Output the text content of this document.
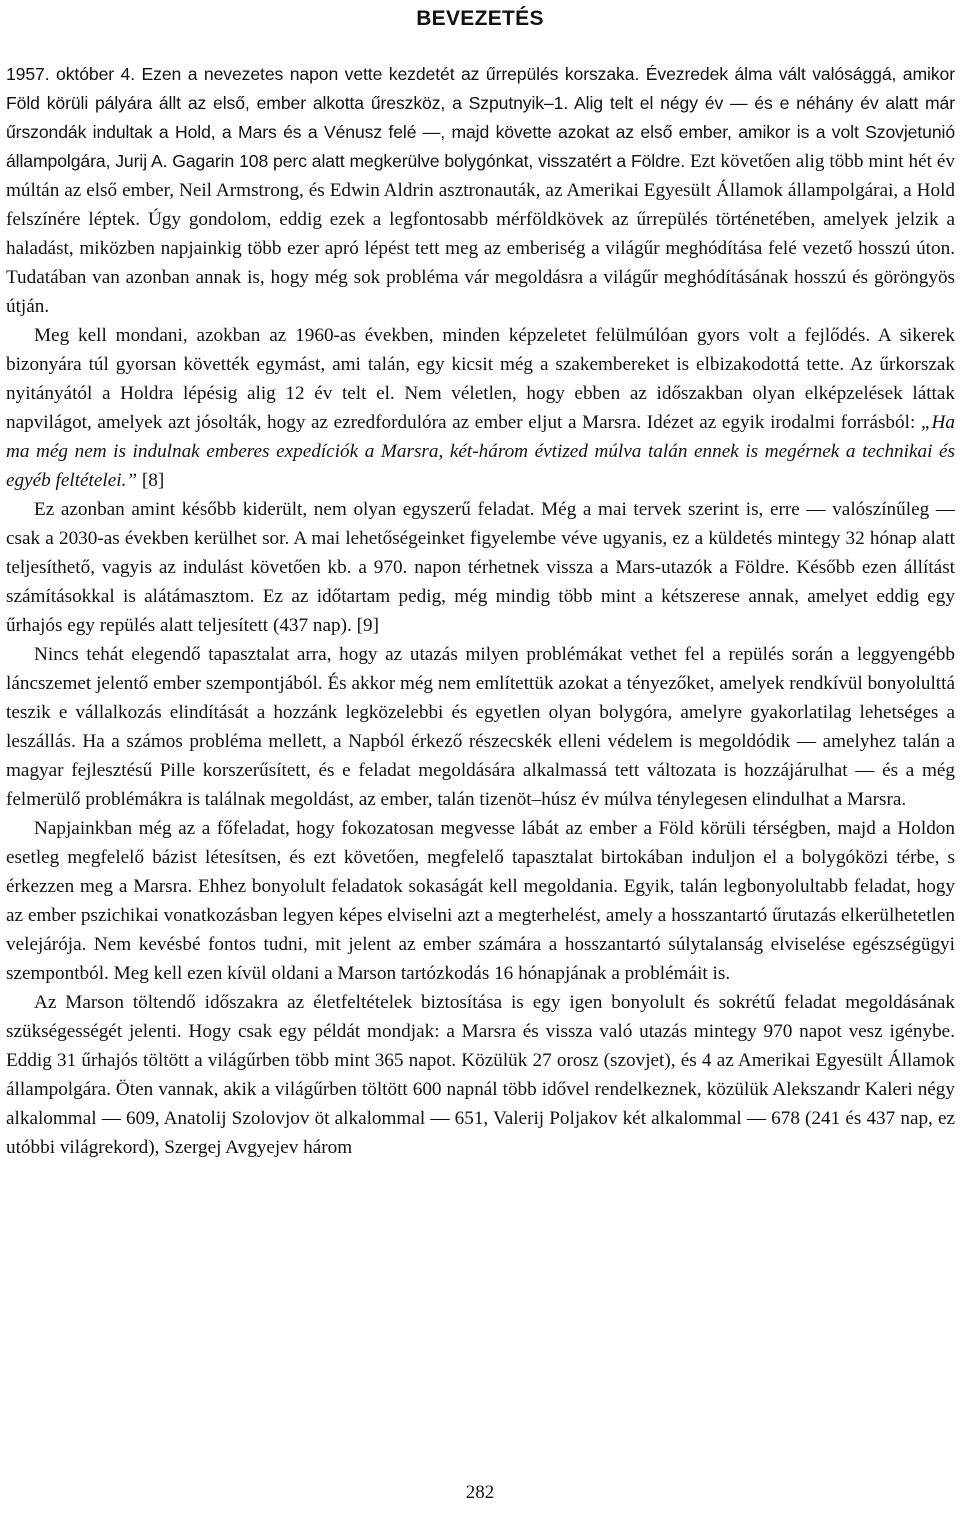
BEVEZETÉS

1957. október 4. Ezen a nevezetes napon vette kezdetét az űrrepülés korszaka. Évezredek álma vált valósággá, amikor Föld körüli pályára állt az első, ember alkotta űreszköz, a Szputnyik–1. Alig telt el négy év — és e néhány év alatt már űrszondák indultak a Hold, a Mars és a Vénusz felé —, majd követte azokat az első ember, amikor is a volt Szovjetunió állampolgára, Jurij A. Gagarin 108 perc alatt megkerülve bolygónkat, visszatért a Földre. Ezt követően alig több mint hét év múltán az első ember, Neil Armstrong, és Edwin Aldrin asztronauták, az Amerikai Egyesült Államok állampolgárai, a Hold felszínére léptek. Úgy gondolom, eddig ezek a legfontosabb mérföldkövek az űrrepülés történetében, amelyek jelzik a haladást, miközben napjainkig több ezer apró lépést tett meg az emberiség a világűr meghódítása felé vezető hosszú úton. Tudatában van azonban annak is, hogy még sok probléma vár megoldásra a világűr meghódításának hosszú és göröngyös útján.

Meg kell mondani, azokban az 1960-as években, minden képzeletet felülmúlóan gyors volt a fejlődés. A sikerek bizonyára túl gyorsan követték egymást, ami talán, egy kicsit még a szakembereket is elbizakodottá tette. Az űrkorszak nyitányától a Holdra lépésig alig 12 év telt el. Nem véletlen, hogy ebben az időszakban olyan elképzelések láttak napvilágot, amelyek azt jósolták, hogy az ezredfordulóra az ember eljut a Marsra. Idézet az egyik irodalmi forrásból: „Ha ma még nem is indulnak emberes expedíciók a Marsra, két-három évtized múlva talán ennek is megérnek a technikai és egyéb feltételei.” [8]

Ez azonban amint később kiderült, nem olyan egyszerű feladat. Még a mai tervek szerint is, erre — valószínűleg — csak a 2030-as években kerülhet sor. A mai lehetőségeinket figyelembe véve ugyanis, ez a küldetés mintegy 32 hónap alatt teljesíthető, vagyis az indulást követően kb. a 970. napon térhetnek vissza a Mars-utazók a Földre. Később ezen állítást számításokkal is alátámasztom. Ez az időtartam pedig, még mindig több mint a kétszerese annak, amelyet eddig egy űrhajós egy repülés alatt teljesített (437 nap). [9]

Nincs tehát elegendő tapasztalat arra, hogy az utazás milyen problémákat vethet fel a repülés során a leggyengébb láncszemet jelentő ember szempontjából. És akkor még nem említettük azokat a tényezőket, amelyek rendkívül bonyolulttá teszik e vállalkozás elindítását a hozzánk legközelebbi és egyetlen olyan bolygóra, amelyre gyakorlatilag lehetséges a leszállás. Ha a számos probléma mellett, a Napból érkező részecskék elleni védelem is megoldódik — amelyhez talán a magyar fejlesztésű Pille korszerűsített, és e feladat megoldására alkalmassá tett változata is hozzájárulhat — és a még felmerülő problémákra is találnak megoldást, az ember, talán tizenöt–húsz év múlva ténylegesen elindulhat a Marsra.

Napjainkban még az a főfeladat, hogy fokozatosan megvesse lábát az ember a Föld körüli térségben, majd a Holdon esetleg megfelelő bázist létesítsen, és ezt követően, megfelelő tapasztalat birtokában induljon el a bolygóközi térbe, s érkezzen meg a Marsra. Ehhez bonyolult feladatok sokaságát kell megoldania. Egyik, talán legbonyolultabb feladat, hogy az ember pszichikai vonatkozásban legyen képes elviselni azt a megterhelést, amely a hosszantartó űrutazás elkerülhetetlen velejárója. Nem kevésbé fontos tudni, mit jelent az ember számára a hosszantartó súlytalanság elviselése egészségügyi szempontból. Meg kell ezen kívül oldani a Marson tartózkodás 16 hónapjának a problémáit is.

Az Marson töltendő időszakra az életfeltételek biztosítása is egy igen bonyolult és sokrétű feladat megoldásának szükségességét jelenti. Hogy csak egy példát mondjak: a Marsra és vissza való utazás mintegy 970 napot vesz igénybe. Eddig 31 űrhajós töltött a világűrben több mint 365 napot. Közülük 27 orosz (szovjet), és 4 az Amerikai Egyesült Államok állampolgára. Öten vannak, akik a világűrben töltött 600 napnál több idővel rendelkeznek, közülük Alekszandr Kaleri négy alkalommal — 609, Anatolij Szolovjov öt alkalommal — 651, Valerij Poljakov két alkalommal — 678 (241 és 437 nap, ez utóbbi világrekord), Szergej Avgyejev három

282
